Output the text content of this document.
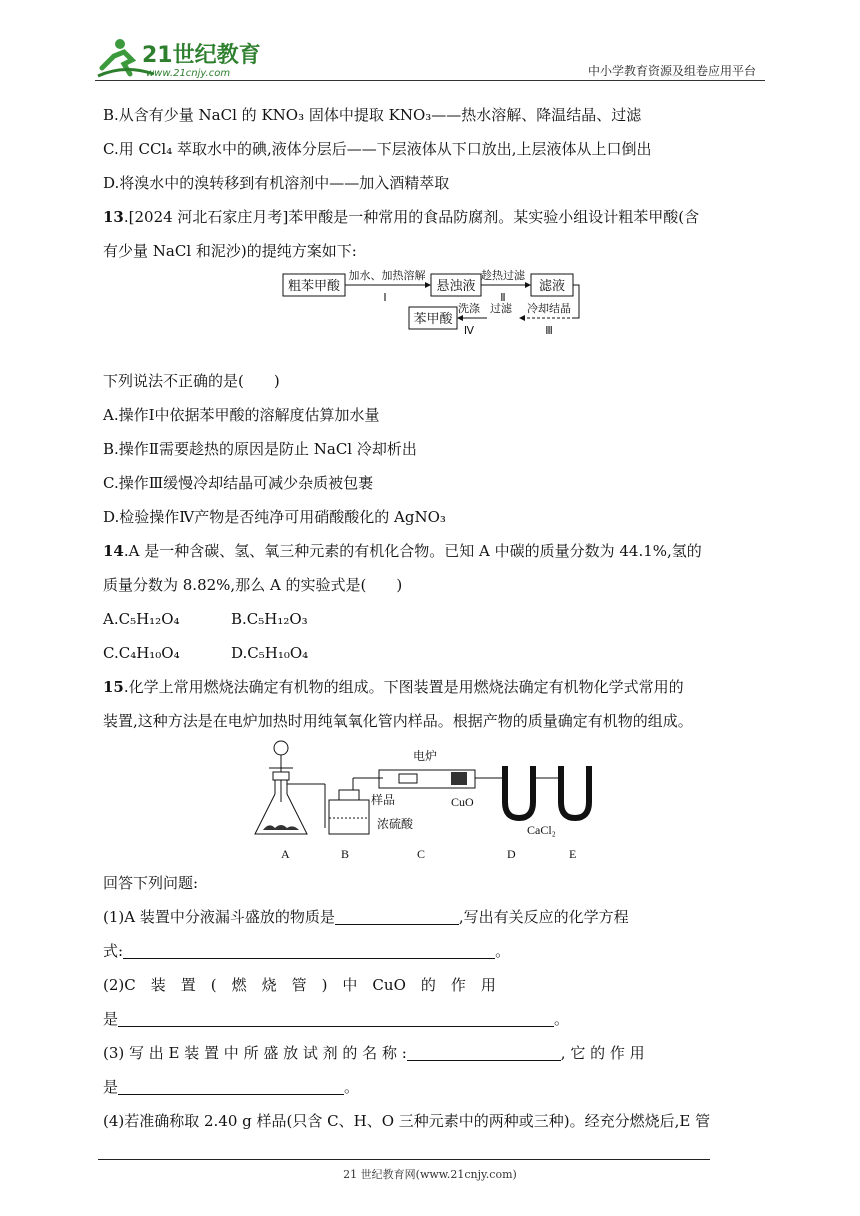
21世纪教育
www.21cnjy.com	中小学教育资源及组卷应用平台
B.从含有少量 NaCl 的 KNO₃ 固体中提取 KNO₃——热水溶解、降温结晶、过滤
C.用 CCl₄ 萃取水中的碘,液体分层后——下层液体从下口放出,上层液体从上口倒出
D.将溴水中的溴转移到有机溶剂中——加入酒精萃取
13.[2024 河北石家庄月考]苯甲酸是一种常用的食品防腐剂。某实验小组设计粗苯甲酸(含
有少量 NaCl 和泥沙)的提纯方案如下:
粗苯甲酸
加水、加热溶解
Ⅰ
悬浊液
趁热过滤
Ⅱ
滤液
冷却结晶
Ⅲ
过滤
洗涤
Ⅳ
苯甲酸
下列说法不正确的是(　　)
A.操作Ⅰ中依据苯甲酸的溶解度估算加水量
B.操作Ⅱ需要趁热的原因是防止 NaCl 冷却析出
C.操作Ⅲ缓慢冷却结晶可减少杂质被包裹
D.检验操作Ⅳ产物是否纯净可用硝酸酸化的 AgNO₃
14.A 是一种含碳、氢、氧三种元素的有机化合物。已知 A 中碳的质量分数为 44.1%,氢的
质量分数为 8.82%,那么 A 的实验式是(　　)
A.C₅H₁₂O₄	B.C₅H₁₂O₃
C.C₄H₁₀O₄	D.C₅H₁₀O₄
15.化学上常用燃烧法确定有机物的组成。下图装置是用燃烧法确定有机物化学式常用的
装置,这种方法是在电炉加热时用纯氧氧化管内样品。根据产物的质量确定有机物的组成。
电炉
样品	CuO
浓硫酸	CaCl₂
A	B	C	D	E
回答下列问题:
(1)A 装置中分液漏斗盛放的物质是	,写出有关反应的化学方程
式:	。
(2)C　装　置　(　燃　烧　管　)　中　CuO　的　作　用
是	。
(3) 写 出 E 装 置 中 所 盛 放 试 剂 的 名 称 :	, 它 的 作 用
是	。
(4)若准确称取 2.40 g 样品(只含 C、H、O 三种元素中的两种或三种)。经充分燃烧后,E 管
21 世纪教育网(www.21cnjy.com)
